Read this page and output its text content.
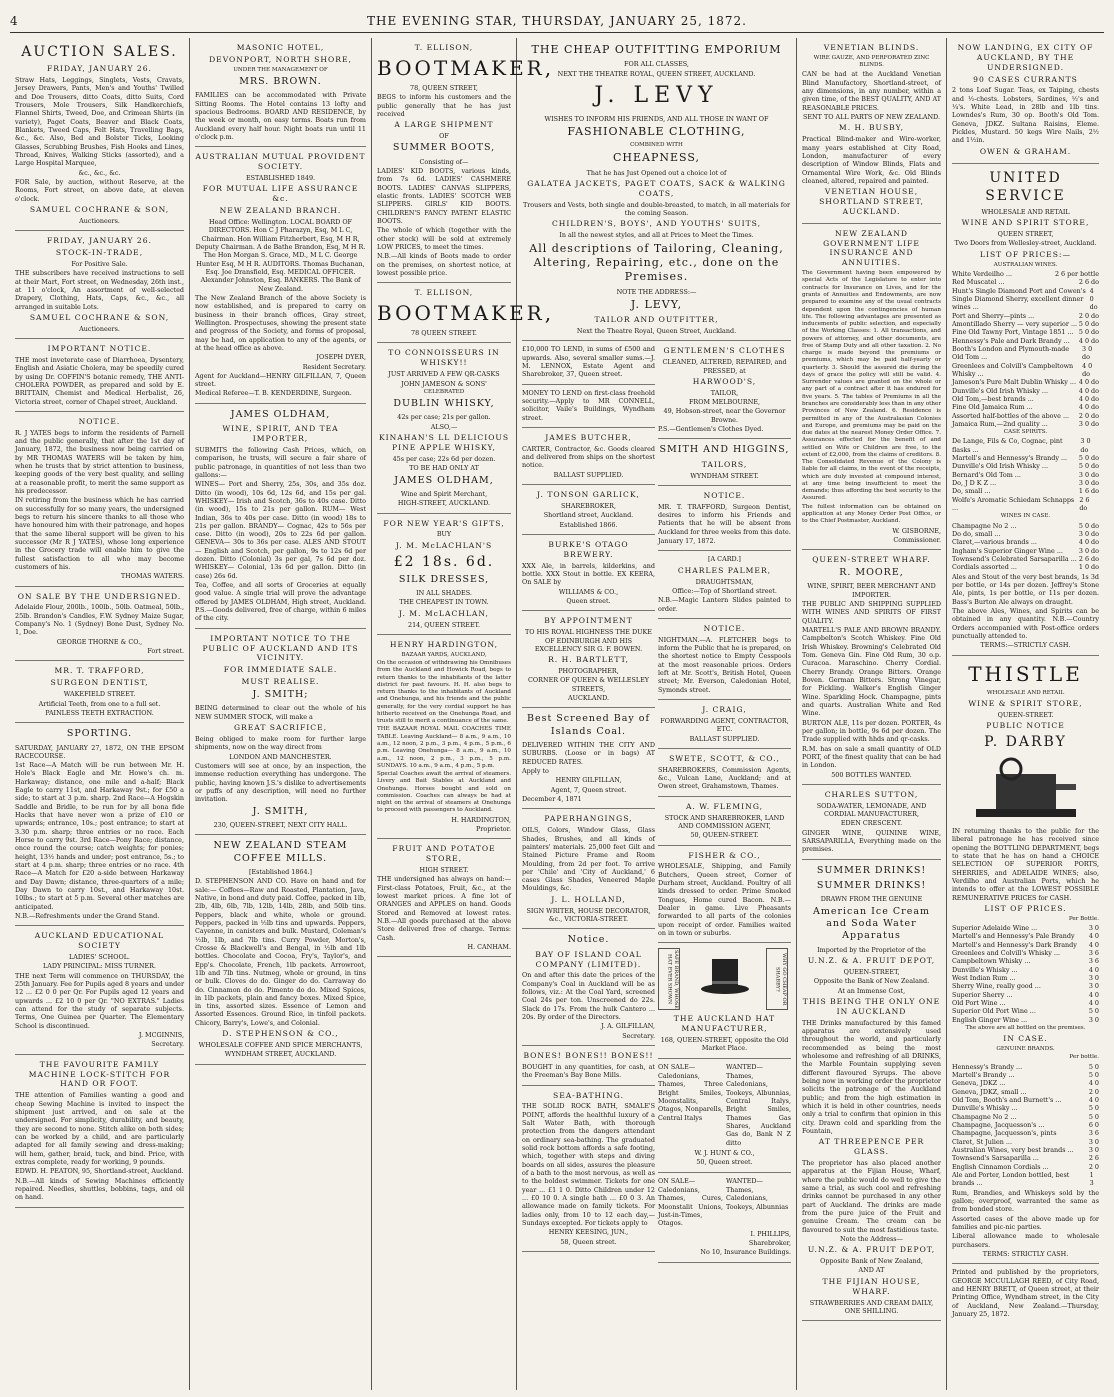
4	THE EVENING STAR, THURSDAY, JANUARY 25, 1872.
AUCTION SALES.
FRIDAY, JANUARY 26.

Straw Hats, Leggings, Singlets, Vests, Cravats, Jersey Drawers, Pants, Men's and Youths' Twilled and Doe Trousers, ditto Coats, ditto Suits, Cord Trousers, Mole Trousers, Silk Handkerchiefs, Flannel Shirts, Tweed, Doe, and Crimean Shirts (in variety), Paget Coats, Beaver and Black Coats, Blankets, Tweed Caps, Felt Hats, Travelling Bags, &c., &c. Also, Bed and Bolster Ticks, Looking Glasses, Scrubbing Brushes, Fish Hooks and Lines, Thread, Knives, Walking Sticks (assorted), and a Large Hospital Marquee,

&c., &c., &c.

FOR Sale, by auction, without Reserve, at the Rooms, Fort street, on above date, at eleven o'clock.

SAMUEL COCHRANE & SON,

Auctioneers.

FRIDAY, JANUARY 26.
STOCK-IN-TRADE,

For Positive Sale.

THE subscribers have received instructions to sell at their Mart, Fort street, on Wednesday, 26th inst., at 11 o'clock, An assortment of well-selected Drapery, Clothing, Hats, Caps, &c., &c., all arranged in suitable Lots.

SAMUEL COCHRANE & SON,

Auctioneers.

IMPORTANT NOTICE.

THE most inveterate case of Diarrhoea, Dysentery, English and Asiatic Cholera, may be speedily cured by using Dr. COFFIN'S botanic remedy, THE ANTI-CHOLERA POWDER, as prepared and sold by E. BRITTAIN, Chemist and Medical Herbalist, 26, Victoria street, corner of Chapel street, Auckland.

NOTICE.

R. J YATES begs to inform the residents of Parnell and the public generally, that after the 1st day of January, 1872, the business now being carried on by MR THOMAS WATERS will be taken by him, when he trusts that by strict attention to business, keeping goods of the very best quality, and selling at a reasonable profit, to merit the same support as his predecessor.

IN retiring from the business which he has carried on successfully for so many years, the undersigned begs to return his sincere thanks to all those who have honoured him with their patronage, and hopes that the same liberal support will be given to his successor (Mr R J YATES), whose long experience in the Grocery trade will enable him to give the fullest satisfaction to all who may become customers of his.

THOMAS WATERS.

ON SALE BY THE UNDERSIGNED.

Adelaide Flour, 200lb., 100lb., 50lb. Oatmeal, 50lb., 25lb. Brandon's Candles, F.W. Sydney Maize Sugar, Company's No. 1 (Sydney) Bone Dust, Sydney No. 1, Doe.

GEORGE THORNE & CO.,

Fort street.

MR. T. TRAFFORD,
SURGEON DENTIST,

WAKEFIELD STREET.

Artificial Teeth, from one to a full set.

PAINLESS TEETH EXTRACTION.

SPORTING.

SATURDAY, JANUARY 27, 1872, ON THE EPSOM RACECOURSE.

1st Race—A Match will be run between Mr. H. Hole's Black Eagle and Mr. Howe's ch. m. Harkaway; distance, one mile and a-half; Black Eagle to carry 11st, and Harkaway 9st.; for £50 a side; to start at 3 p.m. sharp. 2nd Race—A Hogskin Saddle and Bridle, to be run for by all bona fide Hacks that have never won a prize of £10 or upwards; entrance, 10s.; post entrance; to start at 3.30 p.m. sharp; three entries or no race. Each Horse to carry 9st. 3rd Race—Pony Race; distance, once round the course; catch weights; for ponies; height, 13½ hands and under; post entrance, 5s.; to start at 4 p.m. sharp; three entries or no race. 4th Race—A Match for £20 a-side between Harkaway and Day Dawn; distance, three-quarters of a mile; Day Dawn to carry 10st., and Harkaway 10st. 10lbs.; to start at 5 p.m. Several other matches are anticipated.

N.B.—Refreshments under the Grand Stand.

AUCKLAND EDUCATIONAL SOCIETY

LADIES' SCHOOL.

LADY PRINCIPAL: MISS TURNER.

THE next Term will commence on THURSDAY, the 25th January. Fee for Pupils aged 8 years and under 12 ... £2 0 0 per Qr. For Pupils aged 12 years and upwards ... £2 10 0 per Qr. "NO EXTRAS." Ladies can attend for the study of separate subjects. Terms, One Guinea per Quarter. The Elementary School is discontinued.

J. MCGINNIS,

Secretary.

THE FAVOURITE FAMILY MACHINE LOCK-STITCH FOR HAND OR FOOT.

THE attention of Families wanting a good and cheap Sewing Machine is invited to inspect the shipment just arrived, and on sale at the undersigned. For simplicity, durability, and beauty, they are second to none. Stitch alike on both sides; can be worked by a child, and are particularly adapted for all family sewing and dress-making; will hem, gather, braid, tuck, and bind. Price, with extras complete, ready for working, 9 pounds.

EDWD. H. PEATON, 95, Shortland-street, Auckland.

N.B.—All kinds of Sewing Machines efficiently repaired. Needles, shuttles, bobbins, tags, and oil on hand.

MASONIC HOTEL,
DEVONPORT, NORTH SHORE,

UNDER THE MANAGEMENT OF

MRS. BROWN.

FAMILIES can be accommodated with Private Sitting Rooms. The Hotel contains 13 lofty and spacious Bedrooms. BOARD AND RESIDENCE, by the week or month, on easy terms. Boats run from Auckland every half hour. Night boats run until 11 o'clock p.m.

AUSTRALIAN MUTUAL PROVIDENT SOCIETY.

ESTABLISHED 1849.

FOR MUTUAL LIFE ASSURANCE &c.
NEW ZEALAND BRANCH.

Head Office: Wellington. LOCAL BOARD OF DIRECTORS. Hon C J Pharazyn, Esq, M L C, Chairman. Hon William Fitzherbert, Esq, M H R, Deputy Chairman. A de Bathe Brandon, Esq, M H R. The Hon Morgan S. Grace, MD., M L C. George Hunter Esq, M H R. AUDITORS. Thomas Buchanan, Esq. Joe Dransfield, Esq. MEDICAL OFFICER. Alexander Johnston, Esq. BANKERS. The Bank of New Zealand.

The New Zealand Branch of the above Society is now established, and is prepared to carry on business in their branch offices, Gray street, Wellington. Prospectuses, showing the present state and progress of the Society, and forms of proposal, may be had, on application to any of the agents, or at the head office as above.

JOSEPH DYER,

Resident Secretary.

Agent for Auckland—HENRY GILFILLAN, 7, Queen street.

Medical Referee—T. B. KENDERDINE, Surgeon.

JAMES OLDHAM,
WINE, SPIRIT, AND TEA IMPORTER,

SUBMITS the following Cash Prices, which, on comparison, he trusts, will secure a fair share of public patronage, in quantities of not less than two gallons:—

WINES— Port and Sherry, 25s, 30s, and 35s doz. Ditto (in wood), 10s 6d, 12s 6d, and 15s per gal. WHISKEY— Irish and Scotch, 36s to 40s case. Ditto (in wood), 15s to 21s per gallon. RUM— West Indian, 36s to 40s per case. Ditto (in wood) 18s to 21s per gallon. BRANDY— Cognac, 42s to 56s per case. Ditto (in wood), 20s to 22s 6d per gallon. GENEVA— 30s to 36s per case. ALES AND STOUT— English and Scotch, per gallon, 9s to 12s 6d per dozen. Ditto (Colonial) 3s per gal, 7s 6d per doz. WHISKEY— Colonial, 13s 6d per gallon. Ditto (in case) 26s 6d.

Tea, Coffee, and all sorts of Groceries at equally good value. A single trial will prove the advantage offered by JAMES OLDHAM, High street, Auckland. P.S.—Goods delivered, free of charge, within 6 miles of the city.

IMPORTANT NOTICE TO THE PUBLIC OF AUCKLAND AND ITS VICINITY.
FOR IMMEDIATE SALE.
MUST REALISE.
J. SMITH;

BEING determined to clear out the whole of his NEW SUMMER STOCK, will make a

GREAT SACRIFICE,

Being obliged to make room for further large shipments, now on the way direct from

LONDON AND MANCHESTER.

Customers will see at once, by an inspection, the immense reduction everything has undergone. The public, having known J.S.'s dislike to advertisements or puffs of any description, will need no further invitation.

J. SMITH,

230, QUEEN-STREET, NEXT CITY HALL.

NEW ZEALAND STEAM COFFEE MILLS.

[Established 1864.]

D. STEPHENSON AND CO. Have on hand and for sale:— Coffees—Raw and Roasted, Plantation, Java, Native, in bond and duty paid. Coffee, packed in 1lb, 2lb, 4lb, 6lb, 7lb, 12lb, 14lb, 28lb, and 50lb tins. Peppers, black and white, whole or ground. Peppers, packed in ½lb tins and upwards. Peppers, Cayenne, in canisters and bulk. Mustard, Coleman's ½lb, 1lb, and 7lb tins. Curry Powder, Morton's, Crosse & Blackwell's and Bengal, in ½lb and 1lb bottles. Chocolate and Cocoa, Fry's, Taylor's, and Epp's. Chocolate, French, 1lb packets. Arrowroot, 1lb and 7lb tins. Nutmeg, whole or ground, in tins or bulk. Cloves do do. Ginger do do. Carraway do do. Cinnamon do do. Pimento do do. Mixed Spices, in 1lb packets, plain and fancy boxes. Mixed Spice, in tins, assorted sizes. Essence of Lemon and Assorted Essences. Ground Rice, in tinfoil packets. Chicory, Barry's, Lowe's, and Colonial.

D. STEPHENSON & CO.,

WHOLESALE COFFEE AND SPICE MERCHANTS,

WYNDHAM STREET, AUCKLAND.

T. ELLISON,
BOOTMAKER,

78, QUEEN STREET,

BEGS to inform his customers and the public generally that he has just received

A LARGE SHIPMENT

OF

SUMMER BOOTS,

Consisting of—

LADIES' KID BOOTS, various kinds, from 7s 6d. LADIES' CASHMERE BOOTS. LADIES' CANVAS SLIPPERS, elastic fronts. LADIES' SCOTCH WEB SLIPPERS. GIRLS' KID BOOTS. CHILDREN'S FANCY PATENT ELASTIC BOOTS.

The whole of which (together with the other stock) will be sold at extremely LOW PRICES, to meet the times.

N.B.—All kinds of Boots made to order on the premises, on shortest notice, at lowest possible price.

T. ELLISON,
BOOTMAKER,

78 QUEEN STREET.

TO CONNOISSEURS IN WHISKY!!

JUST ARRIVED A FEW QR-CASKS

JOHN JAMESON & SONS'

CELEBRATED

DUBLIN WHISKY,

42s per case; 21s per gallon.

ALSO,—

KINAHAN'S LL DELICIOUS PINE APPLE WHISKY,

45s per case; 22s 6d per dozen.

TO BE HAD ONLY AT

JAMES OLDHAM,

Wine and Spirit Merchant,

HIGH-STREET, AUCKLAND.

FOR NEW YEAR'S GIFTS,

BUY

J. M. McLACHLAN'S
£2 18s. 6d.
SILK DRESSES,

IN ALL SHADES.

THE CHEAPEST IN TOWN.

J. M. McLACHLAN,

214, QUEEN STREET.

HENRY HARDINGTON,

BAZAAR YARDS, AUCKLAND,

On the occasion of withdrawing his Omnibuses from the Auckland and Howick Road, begs to return thanks to the inhabitants of the latter district for past favours. H. H. also begs to return thanks to the inhabitants of Auckland and Onehunga, and his friends and the public generally, for the very cordial support he has hitherto received on the Onehunga Road, and trusts still to merit a continuance of the same.

THE BAZAAR ROYAL MAIL COACHES TIME TABLE. Leaving Auckland— 8 a.m., 9 a.m., 10 a.m., 12 noon, 2 p.m., 3 p.m., 4 p.m., 5 p.m., 6 p.m. Leaving Onehunga— 8 a.m., 9 a.m., 10 a.m., 12 noon, 2 p.m., 3 p.m., 5 p.m. SUNDAYS. 10 a.m., 9 a.m., 4 p.m., 5 p.m.

Special Coaches await the arrival of steamers. Livery and Bait Stables at Auckland and Onehunga. Horses bought and sold on commission. Coaches can always be had at night on the arrival of steamers at Onehunga to proceed with passengers to Auckland.

H. HARDINGTON,

Proprietor.

FRUIT AND POTATOE STORE,

HIGH STREET.

THE undersigned has always on hand:— First-class Potatoes, Fruit, &c., at the lowest market prices. A fine lot of ORANGES and APPLES on hand. Goods Stored and Removed at lowest rates. N.B.—All goods purchased at the above Store delivered free of charge. Terms: Cash.

H. CANHAM.

THE CHEAP OUTFITTING EMPORIUM

FOR ALL CLASSES,

NEXT THE THEATRE ROYAL, QUEEN STREET, AUCKLAND.

J. LEVY

WISHES TO INFORM HIS FRIENDS, AND ALL THOSE IN WANT OF

FASHIONABLE CLOTHING,

COMBINED WITH

CHEAPNESS,

That he has Just Opened out a choice lot of

GALATEA JACKETS, PAGET COATS, SACK & WALKING COATS,

Trousers and Vests, both single and double-breasted, to match, in all materials for the coming Season.

CHILDREN'S, BOYS', AND YOUTHS' SUITS,

In all the newest styles, and all at Prices to Meet the Times.

All descriptions of Tailoring, Cleaning, Altering, Repairing, etc., done on the Premises.

NOTE THE ADDRESS:—

J. LEVY,
TAILOR AND OUTFITTER,

Next the Theatre Royal, Queen Street, Auckland.

£10,000 TO LEND, in sums of £500 and upwards. Also, several smaller sums.—J. M. LENNOX, Estate Agent and Sharebroker, 37, Queen street.

MONEY TO LEND on first-class freehold security.—Apply to MR CONNELL, solicitor, Vaile's Buildings, Wyndham street.

JAMES BUTCHER,

CARTER, Contractor, &c. Goods cleared and delivered from ships on the shortest notice.

BALLAST SUPPLIED.

J. TONSON GARLICK,

SHAREBROKER,

Shortland street, Auckland.

Established 1866.

BURKE'S OTAGO BREWERY.

XXX Ale, in barrels, kilderkins, and bottle. XXX Stout in bottle. EX KEERA, On SALE by

WILLIAMS & CO.,

Queen street.

BY APPOINTMENT

TO HIS ROYAL HIGHNESS THE DUKE OF EDINBURGH AND HIS EXCELLENCY SIR G. F. BOWEN.

R. H. BARTLETT,

PHOTOGRAPHER,

CORNER OF QUEEN & WELLESLEY STREETS,

AUCKLAND.

Best Screened Bay of Islands Coal.

DELIVERED WITHIN THE CITY AND SUBURBS. (Loose or in bags) AT REDUCED RATES.

Apply to

HENRY GILFILLAN,

Agent, 7, Queen street.

December 4, 1871

PAPERHANGINGS,

OILS, Colors, Window Glass, Glass Shades, Brushes, and all kinds of painters' materials. 25,000 feet Gilt and Stained Picture Frame and Room Moulding, from 2d per foot. To arrive per 'Chile' and 'City of Auckland,' 6 cases Glass Shades, Veneered Maple Mouldings, &c.

J. L. HOLLAND,

SIGN WRITER, HOUSE DECORATOR, &c., VICTORIA-STREET.

Notice.
BAY OF ISLAND COAL COMPANY (LIMITED).

On and after this date the prices of the Company's Coal in Auckland will be as follows, viz.: At the Coal Yard, screened Coal 24s per ton. Unscreened do 22s. Slack do 17s. From the hulk Cantero ... 20s. By order of the Directors.

J. A. GILFILLAN,

Secretary.

BONES! BONES!! BONES!!

BOUGHT in any quantities, for cash, at the Freeman's Bay Bone Mills.

SEA-BATHING.

THE SOLID ROCK BATH, SMALE'S POINT, affords the healthful luxury of a Salt Water Bath, with thorough protection from the dangers attendant on ordinary sea-bathing. The graduated solid rock bottom affords a safe footing, which, together with steps and diving boards on all sides, assures the pleasure of a bath to the most nervous, as well as to the boldest swimmer. Tickets for one year ... £1 1 0. Ditto Children under 12 ... £0 10 0. A single bath ... £0 0 3. An allowance made on family tickets. For ladies only, from 10 to 12 each day,—Sundays excepted. For tickets apply to

HENRY KEESING, JUN.,

58, Queen street.

GENTLEMEN'S CLOTHES

CLEANED, ALTERED, REPAIRED, and PRESSED, at

HARWOOD'S,

TAILOR,

FROM MELBOURNE,

49, Hobson-street, near the Governor Browne.

P.S.—Gentlemen's Clothes Dyed.

SMITH AND HIGGINS,
TAILORS,

WYNDHAM STREET.

NOTICE.

MR. T. TRAFFORD, Surgeon Dentist, desires to inform his Friends and Patients that he will be absent from Auckland for three weeks from this date.

January 17, 1872.

[A CARD.]

CHARLES PALMER,

DRAUGHTSMAN,

Office:—Top of Shortland street.

N.B.—Magic Lantern Slides painted to order.

NOTICE.

NIGHTMAN.—A. FLETCHER begs to inform the Public that he is prepared, on the shortest notice to Empty Cesspools at the most reasonable prices. Orders left at Mr. Scott's, British Hotel, Queen street; Mr. Everson, Caledonian Hotel, Symonds street.

J. CRAIG,

FORWARDING AGENT, CONTRACTOR, ETC.

BALLAST SUPPLIED.

SWETE, SCOTT, & CO.,

SHAREBROKERS, Commission Agents, &c., Vulcan Lane, Auckland; and at Owen street, Grahamstown, Thames.

A. W. FLEMING,

STOCK AND SHAREBROKER, LAND AND COMMISSION AGENT,

50, QUEEN-STREET.

FISHER & CO.,

WHOLESALE, Shipping, and Family Butchers, Queen street, Corner of Durham street, Auckland. Poultry of all kinds dressed to order. Prime Smoked Tongues, Home cured Bacon. N.B.—Dealer in game. Live Pheasants forwarded to all parts of the colonies upon receipt of order. Families waited on in town or suburbs.

SAFE BRAND, WHOSE HAT EVER SHOWN	WHY GO CHEAP OR SHABBY?
THE AUCKLAND HAT MANUFACTURER,

168, QUEEN-STREET, opposite the Old Market Place.

ON SALE—

Caledonians, Thames, Three Bright Smiles, Moonstalits, Otagos, Nonparells, Central Italys

WANTED—

Thames, Caledonians, Tookeys, Albunnias, Central Italys, Bright Smiles, Thames Gas Shares, Auckland Gas do, Bank N Z ditto

W. J. HUNT & CO.,

50, Queen street.

ON SALE—

Caledonians, Thames, Cures, Moonstalit Unions, Just-in-Times, Otagos.

WANTED—

Thames, Caledonians, Tookeys, Albunnias

I. PHILLIPS,

Sharebroker,

No 10, Insurance Buildings.

VENETIAN BLINDS.

WIRE GAUZE, AND PERFORATED ZINC BLINDS.

CAN be had at the Auckland Venetian Blind Manufactory, Shortland-street, of any dimensions, in any number, within a given time, of the BEST QUALITY, AND AT REASONABLE PRICES.

SENT TO ALL PARTS OF NEW ZEALAND.

M. H. BUSBY,

Practical Blind-maker and Wire-worker, many years established at City Road, London, manufacturer of every description of Window Blinds, Flats and Ornamental Wire Work, &c. Old Blinds cleaned, altered, repaired and painted.

VENETIAN HOUSE, SHORTLAND STREET, AUCKLAND.
NEW ZEALAND GOVERNMENT LIFE INSURANCE AND ANNUITIES.

The Government having been empowered by special Acts of the Legislature to enter into contracts for Insurance on Lives, and for the grants of Annuities and Endowments, are now prepared to examine any of the usual contracts dependent upon the contingencies of human life. The following advantages are presented as inducements of public selection, and especially of the Working Classes: 1. All transactions, and powers of attorney, and other documents, are free of Stamp Duty and all other taxation. 2. No charge is made beyond the premiums or premiums, which may be paid half-yearly or quarterly. 3. Should the assured die during the days of grace the policy will still be valid. 4. Surrender values are granted on the whole or any part of a contract after it has endured for five years. 5. The tables of Premiums in all the branches are considerably less than in any other Provinces of New Zealand. 6. Residence is permitted in any of the Australasian Colonies and Europe, and premiums may be paid on the due dates at the nearest Money Order Office. 7. Assurances effected for the benefit of and settled on Wife or Children are free, to the extent of £2,000, from the claims of creditors. 8. The Consolidated Revenue of the Colony is liable for all claims, in the event of the receipts, which are duly invested at compound interest, at any time being insufficient to meet the demands; thus affording the best security to the Assured.

The fullest information can be obtained on application at any Money Order Post Office, or to the Chief Postmaster, Auckland.

W. GISBORNE,

Commissioner.

QUEEN-STREET WHARF.
R. MOORE,

WINE, SPIRIT, BEER MERCHANT AND IMPORTER.

THE PUBLIC AND SHIPPING SUPPLIED WITH WINES AND SPIRITS OF FIRST QUALITY.

MARTELL'S PALE AND BROWN BRANDY. Campbelton's Scotch Whiskey. Fine Old Irish Whiskey. Browning's Celebrated Old Tom. Geneva Gin. Fine Old Rum, 30 o.p. Curacoa. Maraschino. Cherry Cordial. Cherry Brandy. Orange Bitters. Orange Boven. German Bitters. Strong Vinegar, for Pickling. Walker's English Ginger Wine. Sparkling Hock. Champagne, pints and quarts. Australian White and Red Wine.

BURTON ALE, 11s per dozen. PORTER, 4s per gallon; in bottle, 9s 6d per dozen. The Trade supplied with hhds and qr-casks.

R.M. has on sale a small quantity of OLD PORT, of the finest quality that can be had in London.

500 BOTTLES WANTED.

CHARLES SUTTON,

SODA-WATER, LEMONADE, AND CORDIAL MANUFACTURER,

EDEN CRESCENT.

GINGER WINE, QUININE WINE, SARSAPARILLA, Everything made on the premises.

SUMMER DRINKS!
SUMMER DRINKS!

DRAWN FROM THE GENUINE

American Ice Cream and Soda Water Apparatus

Imported by the Proprietor of the

U.N.Z. & A. FRUIT DEPOT,

QUEEN-STREET,

Opposite the Bank of New Zealand.

At an Immense Cost,

THIS BEING THE ONLY ONE IN AUCKLAND

THE Drinks manufactured by this famed apparatus are extensively used throughout the world, and particularly recommended as being the most wholesome and refreshing of all DRINKS, the Marble Fountain supplying seven different flavoured Syrups. The above being now in working order the proprietor solicits the patronage of the Auckland public; and from the high estimation in which it is held in other countries, needs only a trial to confirm that opinion in this city. Drawn cold and sparkling from the Fountain,

AT THREEPENCE PER GLASS.

The proprietor has also placed another apparatus at the Fijian House, Wharf, where the public would do well to give the same a trial, as such cool and refreshing drinks cannot be purchased in any other part of Auckland. The drinks are made from the pure juice of the Fruit and genuine Cream. The cream can be flavoured to suit the most fastidious taste.

Note the Address—

U.N.Z. & A. FRUIT DEPOT,

Opposite Bank of New Zealand,

AND AT

THE FIJIAN HOUSE, WHARF.

STRAWBERRIES AND CREAM DAILY, ONE SHILLING.

NOW LANDING, EX CITY OF AUCKLAND, BY THE UNDERSIGNED.
90 CASES CURRANTS

2 tons Loaf Sugar. Teas, ex Taiping, chests and ½-chests. Lobsters, Sardines, ½'s and ¼'s. White Lead, in 28lb and 1lb tins. Lowndes's Rum, 30 op. Booth's Old Tom. Geneva, JDKZ. Sultana Raisins, Eleme. Pickles, Mustard. 50 kegs Wire Nails, 2½ and 1½in.

OWEN & GRAHAM.
UNITED SERVICE

WHOLESALE AND RETAIL

WINE AND SPIRIT STORE,

QUEEN STREET,

Two Doors from Wellesley-street, Auckland.

LIST OF PRICES:—

AUSTRALIAN WINES.

White Verdeilho ...	2 6 per bottle
Red Muscatel ...	2 6 do
Hunt's Single Diamond Port and Cowen's Single Diamond Sherry, excellent dinner wines ...
4 0 do
Port and Sherry—pints ...	2 0 do
Amontillado Sherry — very superior ... 5 0 do
Fine Old Tawny Port, Vintage 1851 ... 5 0 do
Hennessy's Pale and Dark Brandy ... 4 0 do
Booth's London and Plymouth-made Old Tom ...
3 0 do
Greenlees and Colvill's Campbeltown Whisky ...
4 0 do
Jameson's Pure Malt Dublin Whisky ... 4 0 do
Dunville's Old Irish Whisky ...	4 0 do
Old Tom,—best brands ...	4 0 do
Fine Old Jamaica Rum ...	4 0 do
Assorted half-bottles of the above ... 2 0 do
Jamaica Rum,—2nd quality ...	3 0 do

CASE SPIRITS.

De Lange, Fils & Co, Cognac, pint flasks ...
3 0 do
Martell's and Hennessy's Brandy ... 5 0 do
Dunville's Old Irish Whisky ...	5 0 do
Bernard's Old Tom ...	3 0 do
Do, J D K Z ...	3 0 do
Do, small ...	1 6 do
Wolfe's Aromatic Schiedam Schnapps ...
2 6 do

WINES IN CASE.

Champagne No 2 ...	5 0 do
Do do, small ...	3 0 do
Claret,—various brands ...	4 0 do
Ingham's Superior Ginger Wine ... 3 0 do
Townsend's Celebrated Sarsaparilla ... 2 6 do
Cordials assorted ...	1 0 do

Ales and Stout of the very best brands, 1s 3d per bottle, or 14s per dozen. Jeffrey's Stone Ale, pints, 1s per bottle, or 11s per dozen. Bass's Burton Ale always on draught.

The above Ales, Wines, and Spirits can be obtained in any quantity. N.B.—Country Orders accompanied with Post-office orders punctually attended to.

TERMS:—STRICTLY CASH.

THISTLE

WHOLESALE AND RETAIL

WINE & SPIRIT STORE,

QUEEN-STREET.

PUBLIC NOTICE
P. DARBY

IN returning thanks to the public for the liberal patronage he has received since opening the BOTTLING DEPARTMENT, begs to state that he has on hand a CHOICE SELECTION OF SUPERIOR PORTS, SHERRIES, and ADELAIDE WINES; also, Verdilho and Australian Ports, which he intends to offer at the LOWEST POSSIBLE REMUNERATIVE PRICES for CASH.

LIST OF PRICES.

Per Bottle.

Superior Adelaide Wine ...	3 0
Martell's and Hennessy's Pale Brandy 4 0
Martell's and Hennessy's Dark Brandy 4 0
Greenlees and Colvill's Whisky ...	3 6
Campbeltown Whisky ...	3 6
Dunville's Whisky ...	4 0
West Indian Rum ...	3 0
Sherry Wine, really good ...	3 0
Superior Sherry ...	4 0
Old Port Wine ...	4 0
Superior Old Port Wine ...	5 0
English Ginger Wine ...	3 0

The above are all bottled on the premises.

IN CASE.

GENUINE BRANDS.

Per bottle.

Hennessy's Brandy ...	5 0
Martell's Brandy ...	5 0
Geneva, JDKZ ...	4 0
Geneva, JDKZ, small ...	2 0
Old Tom, Booth's and Burnett's ...	4 0
Dunville's Whisky ...	5 0
Champagne No 2 ...	5 0
Champagne, Jacquesson's ...	6 0
Champagne, Jacquesson's, pints	3 6
Claret, St Julien ...	3 0
Australian Wines, very best brands ... 3 0
Townsend's Sarsaparilla ...	2 6
English Cinnamon Cordials ...	2 0
Ale and Porter, London bottled, best brands ...
1 3

Rum, Brandies, and Whiskeys sold by the gallon; overproof, warranted the same as from bonded store.

Assorted cases of the above made up for families and pic-nic parties.

Liberal allowance made to wholesale purchasers.

TERMS: STRICTLY CASH.

Printed and published by the proprietors, GEORGE MCCULLAGH REED, of City Road, and HENRY BRETT, of Queen street, at their Printing Office, Wyndham street, in the City of Auckland, New Zealand.—Thursday, January 25, 1872.
